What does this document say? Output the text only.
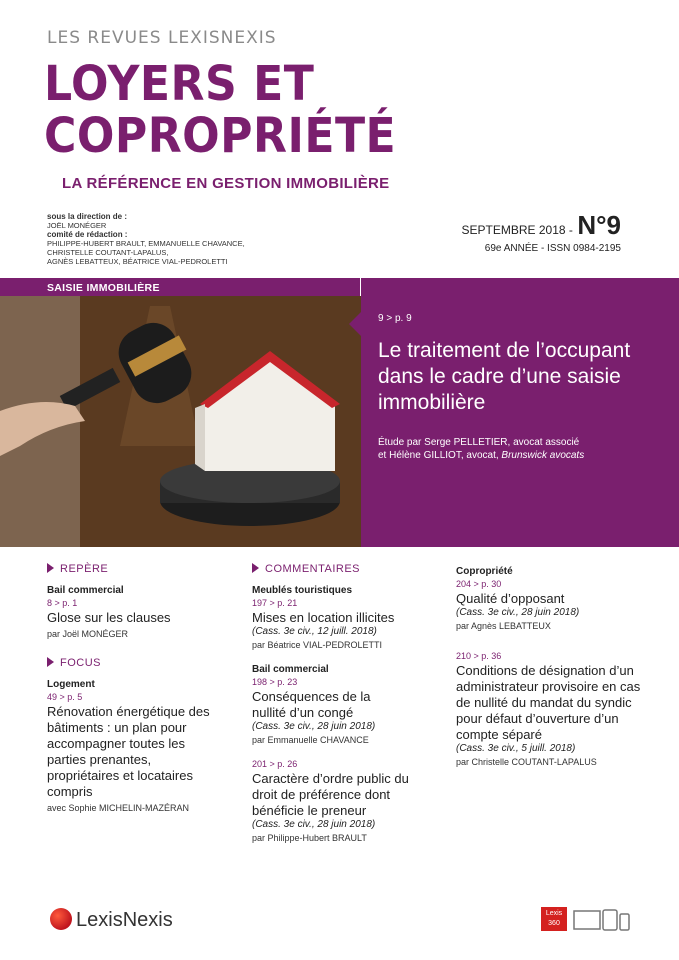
LES REVUES LEXISNEXIS
LOYERS ET
COPROPRIÉTÉ
LA RÉFÉRENCE EN GESTION IMMOBILIÈRE
sous la direction de :
JOËL MONÉGER
comité de rédaction :
PHILIPPE-HUBERT BRAULT, EMMANUELLE CHAVANCE,
CHRISTELLE COUTANT-LAPALUS,
AGNÈS LEBATTEUX, BÉATRICE VIAL-PEDROLETTI
SEPTEMBRE 2018 - N°9
69e ANNÉE - ISSN 0984-2195
SAISIE IMMOBILIÈRE
9 > p. 9
Le traitement de l’occupant dans le cadre d’une saisie immobilière
Étude par Serge PELLETIER, avocat associé
et Hélène GILLIOT, avocat, Brunswick avocats
REPÈRE
Bail commercial
8 > p. 1
Glose sur les clauses
par Joël MONÉGER
FOCUS
Logement
49 > p. 5
Rénovation énergétique des bâtiments : un plan pour accompagner toutes les parties prenantes, propriétaires et locataires compris
avec Sophie MICHELIN-MAZÉRAN
COMMENTAIRES
Meublés touristiques
197 > p. 21
Mises en location illicites
(Cass. 3e civ., 12 juill. 2018)
par Béatrice VIAL-PEDROLETTI
Bail commercial
198 > p. 23
Conséquences de la nullité d’un congé
(Cass. 3e civ., 28 juin 2018)
par Emmanuelle CHAVANCE
201 > p. 26
Caractère d’ordre public du droit de préférence dont bénéficie le preneur
(Cass. 3e civ., 28 juin 2018)
par Philippe-Hubert BRAULT
Copropriété
204 > p. 30
Qualité d’opposant
(Cass. 3e civ., 28 juin 2018)
par Agnès LEBATTEUX
210 > p. 36
Conditions de désignation d’un administrateur provisoire en cas de nullité du mandat du syndic pour défaut d’ouverture d’un compte séparé
(Cass. 3e civ., 5 juill. 2018)
par Christelle COUTANT-LAPALUS
LexisNexis	Lexis
360
